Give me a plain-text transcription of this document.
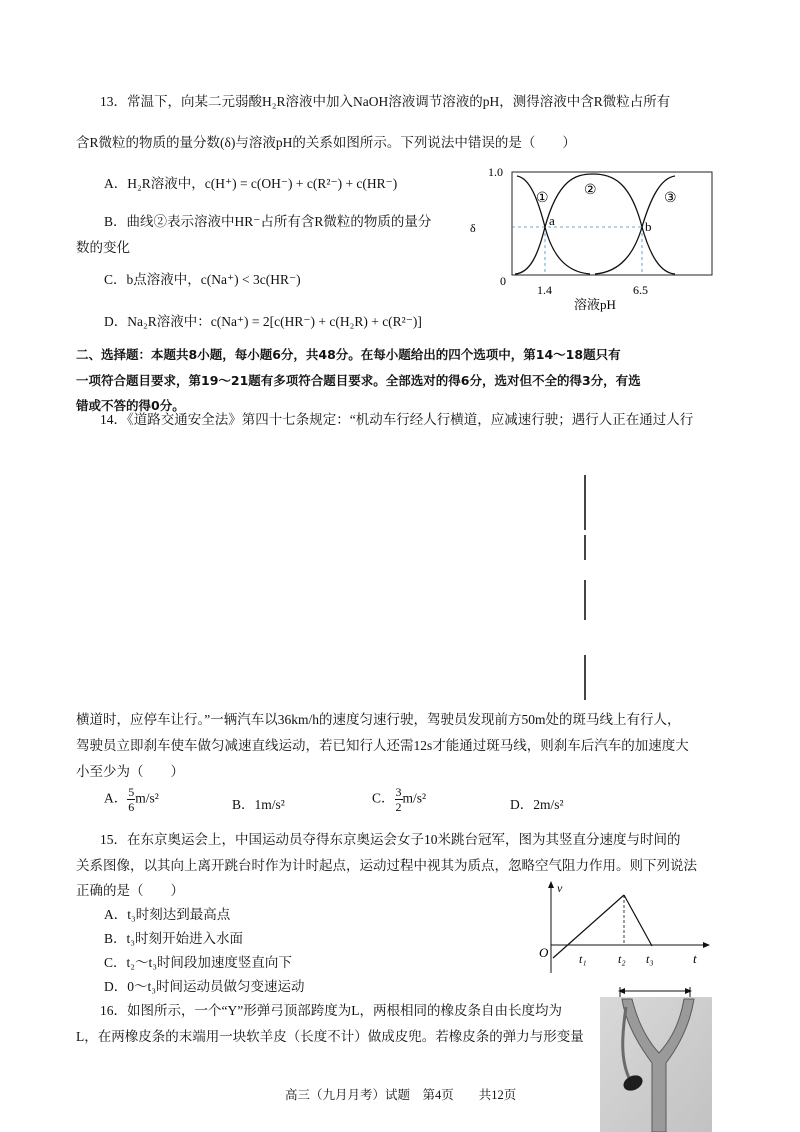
13．常温下，向某二元弱酸H₂R溶液中加入NaOH溶液调节溶液的pH，测得溶液中含R微粒占所有
含R微粒的物质的量分数(δ)与溶液pH的关系如图所示。下列说法中错误的是（　　）
A．H₂R溶液中，c(H⁺) = c(OH⁻) + c(R²⁻) + c(HR⁻)
B．曲线②表示溶液中HR⁻占所有含R微粒的物质的量分
数的变化
C．b点溶液中，c(Na⁺) < 3c(HR⁻)
D．Na₂R溶液中：c(Na⁺) = 2[c(HR⁻) + c(H₂R) + c(R²⁻)]
①
②
③
a	b
1.0
0
δ
1.4	6.5
溶液pH
二、选择题：本题共8小题，每小题6分，共48分。在每小题给出的四个选项中，第14～18题只有
一项符合题目要求，第19～21题有多项符合题目要求。全部选对的得6分，选对但不全的得3分，有选
错或不答的得0分。
14．《道路交通安全法》第四十七条规定：“机动车行经人行横道，应减速行驶；遇行人正在通过人行
横道时，应停车让行。”一辆汽车以36km/h的速度匀速行驶，驾驶员发现前方50m处的斑马线上有行人，
驾驶员立即刹车使车做匀减速直线运动，若已知行人还需12s才能通过斑马线，则刹车后汽车的加速度大
小至少为（　　）
A． $\frac{5}{6} m/s^2$	B．1m/s²	C． $\frac{3}{2} m/s^2$	D．2m/s²
15．在东京奥运会上，中国运动员夺得东京奥运会女子10米跳台冠军，图为其竖直分速度与时间的
关系图像，以其向上离开跳台时作为计时起点，运动过程中视其为质点，忽略空气阻力作用。则下列说法
正确的是（　　）
A．t₃时刻达到最高点
B．t₃时刻开始进入水面
C．t₂～t₃时间段加速度竖直向下
D．0～t₃时间运动员做匀变速运动
v
O	t
t₁	t₂ t₃
16．如图所示，一个“Y”形弹弓顶部跨度为L，两根相同的橡皮条自由长度均为
L，在两橡皮条的末端用一块软羊皮（长度不计）做成皮兜。若橡皮条的弹力与形变量
高三（九月月考）试题　第4页　　共12页
